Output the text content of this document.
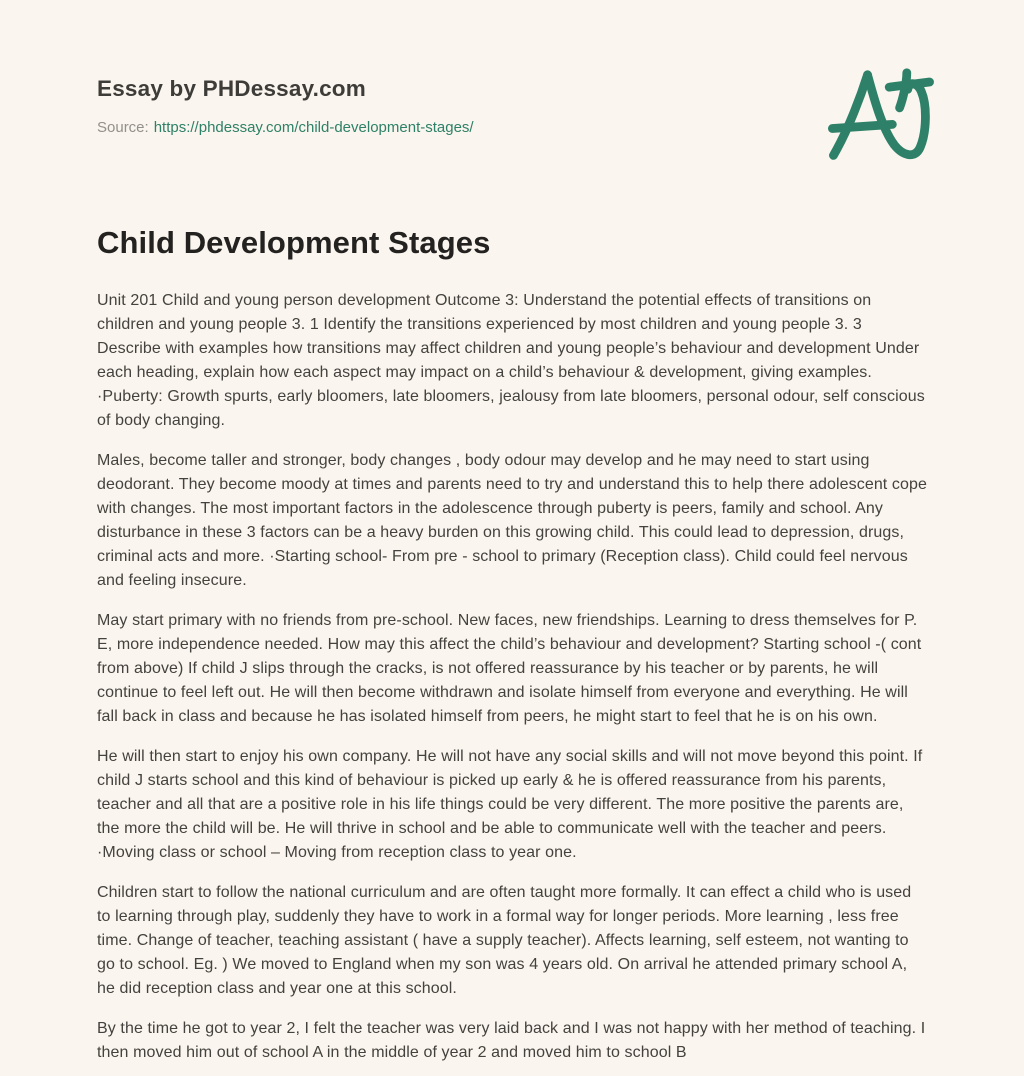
Essay by PHDessay.com
Source: https://phdessay.com/child-development-stages/
Child Development Stages

Unit 201 Child and young person development Outcome 3: Understand the potential effects of transitions on children and young people 3. 1 Identify the transitions experienced by most children and young people 3. 3 Describe with examples how transitions may affect children and young people’s behaviour and development Under each heading, explain how each aspect may impact on a child’s behaviour & development, giving examples. ·Puberty: Growth spurts, early bloomers, late bloomers, jealousy from late bloomers, personal odour, self conscious of body changing.

Males, become taller and stronger, body changes , body odour may develop and he may need to start using deodorant. They become moody at times and parents need to try and understand this to help there adolescent cope with changes. The most important factors in the adolescence through puberty is peers, family and school. Any disturbance in these 3 factors can be a heavy burden on this growing child. This could lead to depression, drugs, criminal acts and more. ·Starting school- From pre - school to primary (Reception class). Child could feel nervous and feeling insecure.

May start primary with no friends from pre-school. New faces, new friendships. Learning to dress themselves for P. E, more independence needed. How may this affect the child’s behaviour and development? Starting school -( cont from above) If child J slips through the cracks, is not offered reassurance by his teacher or by parents, he will continue to feel left out. He will then become withdrawn and isolate himself from everyone and everything. He will fall back in class and because he has isolated himself from peers, he might start to feel that he is on his own.

He will then start to enjoy his own company. He will not have any social skills and will not move beyond this point. If child J starts school and this kind of behaviour is picked up early & he is offered reassurance from his parents, teacher and all that are a positive role in his life things could be very different. The more positive the parents are, the more the child will be. He will thrive in school and be able to communicate well with the teacher and peers. ·Moving class or school – Moving from reception class to year one.

Children start to follow the national curriculum and are often taught more formally. It can effect a child who is used to learning through play, suddenly they have to work in a formal way for longer periods. More learning , less free time. Change of teacher, teaching assistant ( have a supply teacher). Affects learning, self esteem, not wanting to go to school. Eg. ) We moved to England when my son was 4 years old. On arrival he attended primary school A, he did reception class and year one at this school.

By the time he got to year 2, I felt the teacher was very laid back and I was not happy with her method of teaching. I then moved him out of school A in the middle of year 2 and moved him to school B
